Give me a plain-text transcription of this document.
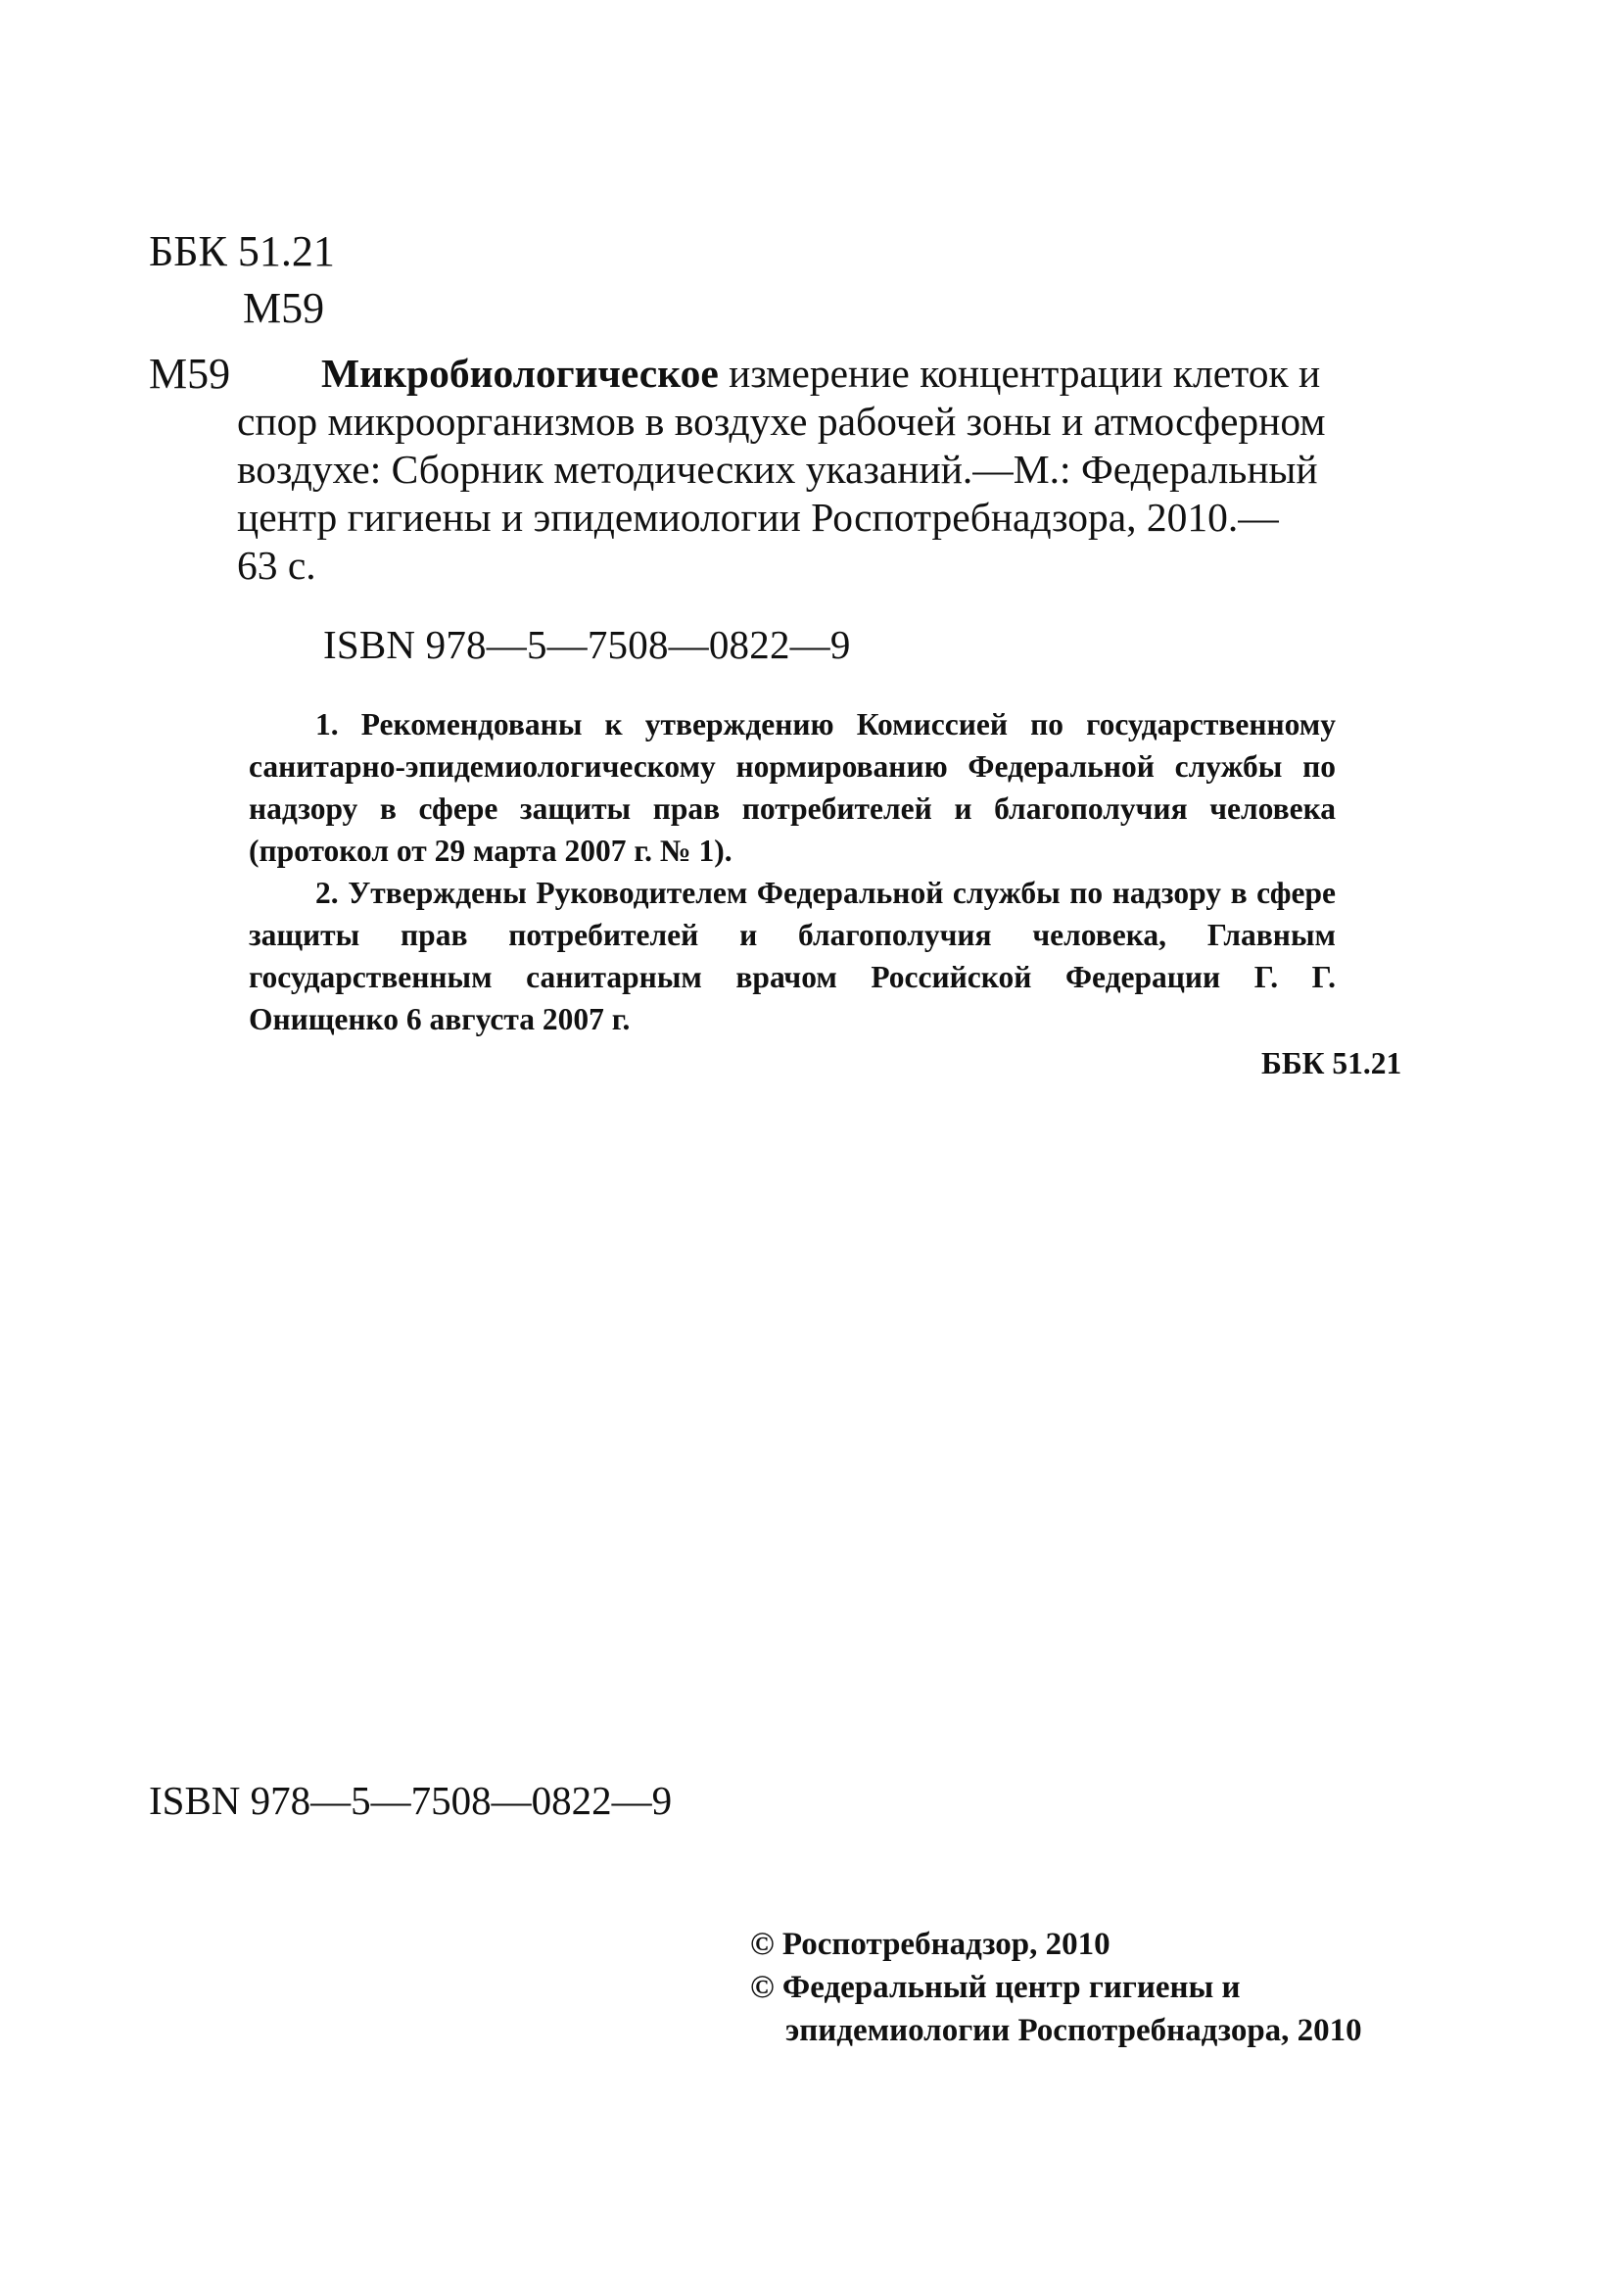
ББК 51.21
М59
М59	Микробиологическое измерение концентрации клеток и
спор микроорганизмов в воздухе рабочей зоны и атмосферном
воздухе: Сборник методических указаний.—М.: Федеральный
центр гигиены и эпидемиологии Роспотребнадзора, 2010.—
63 с.
ISBN 978—5—7508—0822—9

1. Рекомендованы к утверждению Комиссией по государственному санитарно-эпидемиологическому нормированию Федеральной службы по надзору в сфере защиты прав потребителей и благополучия человека (протокол от 29 марта 2007 г. № 1).

2. Утверждены Руководителем Федеральной службы по надзору в сфере защиты прав потребителей и благополучия человека, Главным государственным санитарным врачом Российской Федерации Г. Г. Онищенко 6 августа 2007 г.

ББК 51.21
ISBN 978—5—7508—0822—9
© Роспотребнадзор, 2010
© Федеральный центр гигиены и
эпидемиологии Роспотребнадзора, 2010
